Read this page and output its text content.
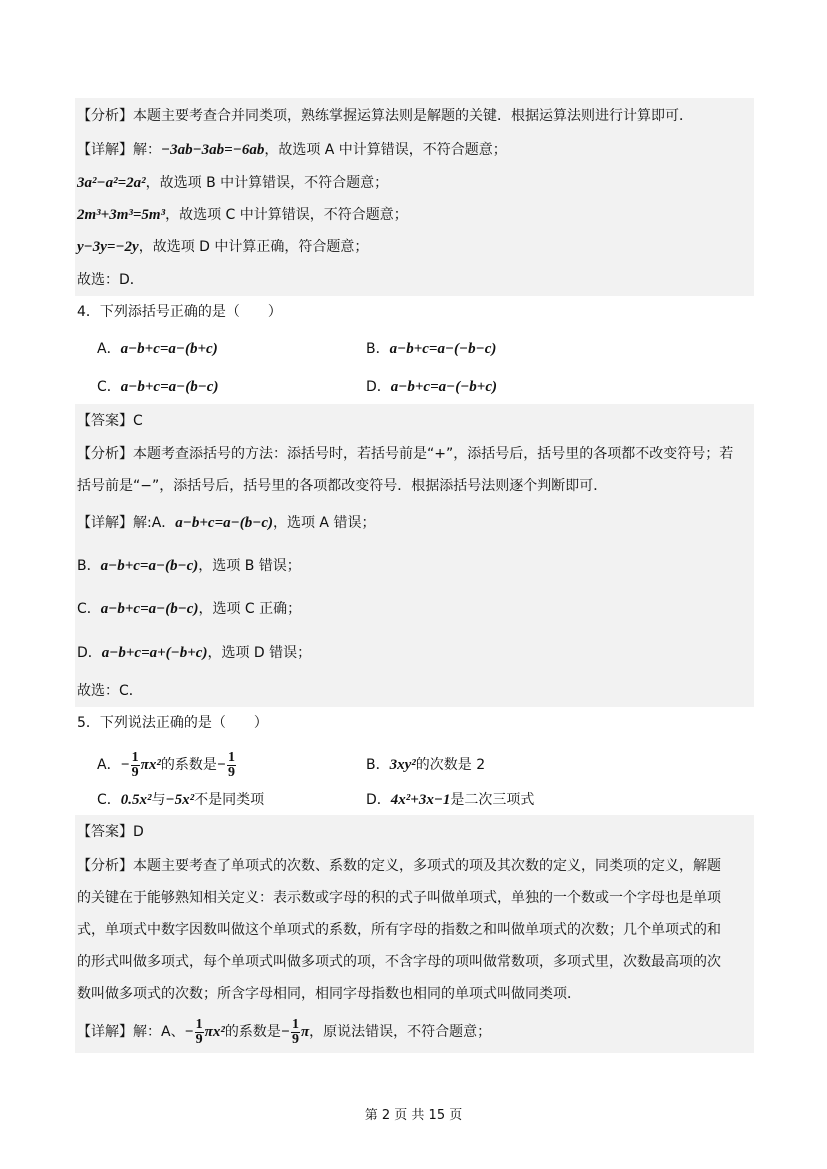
【分析】本题主要考查合并同类项，熟练掌握运算法则是解题的关键．根据运算法则进行计算即可．
【详解】解：−3ab−3ab=−6ab，故选项 A 中计算错误，不符合题意；
3a²−a²=2a²，故选项 B 中计算错误，不符合题意；
2m³+3m³=5m³，故选项 C 中计算错误，不符合题意；
y−3y=−2y，故选项 D 中计算正确，符合题意；
故选：D．
4．下列添括号正确的是（　　）
A．a−b+c=a−(b+c)	B．a−b+c=a−(−b−c)
C．a−b+c=a−(b−c)	D．a−b+c=a−(−b+c)
【答案】C
【分析】本题考查添括号的方法：添括号时，若括号前是“+”，添括号后，括号里的各项都不改变符号；若
括号前是“−”，添括号后，括号里的各项都改变符号．根据添括号法则逐个判断即可．
【详解】解:A．a−b+c=a−(b−c)，选项 A 错误；
B．a−b+c=a−(b−c)，选项 B 错误；
C．a−b+c=a−(b−c)，选项 C 正确；
D．a−b+c=a+(−b+c)，选项 D 错误；
故选：C．
5．下列说法正确的是（　　）
A．− $\frac{1}{9} \pi x^2$的系数是− $\frac{1}{9}$	B．3xy²的次数是 2
C．0.5x²与−5x²不是同类项	D．4x²+3x−1是二次三项式
【答案】D
【分析】本题主要考查了单项式的次数、系数的定义，多项式的项及其次数的定义，同类项的定义，解题
的关键在于能够熟知相关定义：表示数或字母的积的式子叫做单项式，单独的一个数或一个字母也是单项
式，单项式中数字因数叫做这个单项式的系数，所有字母的指数之和叫做单项式的次数；几个单项式的和
的形式叫做多项式，每个单项式叫做多项式的项，不含字母的项叫做常数项，多项式里，次数最高项的次
数叫做多项式的次数；所含字母相同，相同字母指数也相同的单项式叫做同类项．
【详解】解：A、− $\frac{1}{9} \pi x^2$的系数是− $\frac{1}{9}$ π，原说法错误，不符合题意；
第 2 页 共 15 页
